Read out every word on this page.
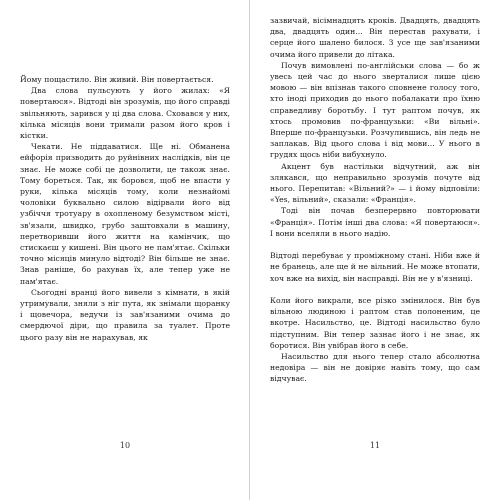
Йому пощастило. Він живий. Він повертається.

Два слова пульсують у його жилах: «Я повертаюся». Відтоді він зрозумів, що його справді звільняють, зарився у ці два слова. Сховався у них, кілька місяців вони тримали разом його кров і кістки.

Чекати. Не піддаватися. Ще ні. Обманена ейфорія призводить до руйнівних наслідків, він це знає. Не може собі це дозволити, це також знає. Тому бореться. Так, як боровся, щоб не впасти у руки, кілька місяців тому, коли незнайомі чоловіки буквально силою відірвали його від узбіччя тротуару в охопленому безумством місті, зв'язали, швидко, грубо заштовхали в машину, перетворивши його життя на камінчик, що стискаєш у кишені. Він цього не пам'ятає. Скільки точно місяців минуло відтоді? Він більше не знає. Знав раніше, бо рахував їх, але тепер уже не пам'ятає.

Сьогодні вранці його вивели з кімнати, в якій утримували, зняли з ніг пута, як знімали щоранку і щовечора, ведучи із зав'язаними очима до смердючої діри, що правила за туалет. Проте цього разу він не нарахував, як

10

зазвичай, вісімнадцять кроків. Двадцять, двадцять два, двадцять один... Він перестав рахувати, і серце його шалено билося. З усе ще зав'язаними очима його привели до літака.

Почув вимовлені по-англійськи слова — бо ж увесь цей час до нього зверталися лише цією мовою — він впізнав такого сповнене голосу того, хто іноді приходив до нього побалакати про їхню справедливу боротьбу. І тут раптом почув, як хтось промовив по-французьки: «Ви вільні». Вперше по-французьки. Розчулившись, він ледь не заплакав. Від цього слова і від мови... У нього в грудях щось ніби вибухнуло.

Акцент був настільки відчутний, аж він злякався, що неправильно зрозумів почуте від нього. Перепитав: «Вільний?» — і йому відповіли: «Yes, вільний», сказали: «Франція».

Тоді він почав безперервно повторювати «Франція». Потім інші два слова: «Я повертаюся». І вони вселяли в нього надію.

Відтоді перебуває у проміжному стані. Ніби вже й не бранець, але ще й не вільний. Не може втопати, хоч вже на вихід, він насправді. Він не у в'язниці.

Коли його викрали, все різко змінилося. Він був вільною людиною і раптом став полоненим, це вкотре. Насильство, це. Відтоді насильство було підступним. Він тепер зазнає його і не знає, як боротися. Він увібрав його в себе.

Насильство для нього тепер стало абсолютна недовіра — він не довіряє навіть тому, що сам відчуває.

11
